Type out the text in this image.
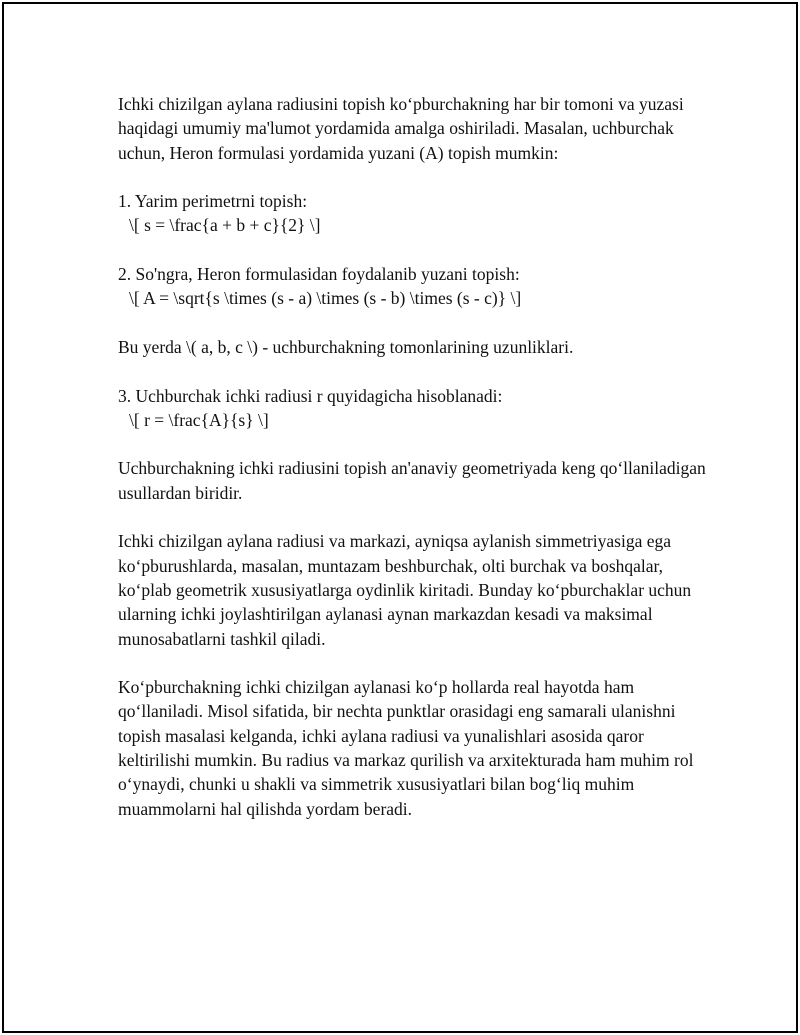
Ichki chizilgan aylana radiusini topish ko‘pburchakning har bir tomoni va yuzasi haqidagi umumiy ma'lumot yordamida amalga oshiriladi. Masalan, uchburchak uchun, Heron formulasi yordamida yuzani (A) topish mumkin:

1. Yarim perimetrni topish:

\[ s = \frac{a + b + c}{2} \]

2. So'ngra, Heron formulasidan foydalanib yuzani topish:

\[ A = \sqrt{s \times (s - a) \times (s - b) \times (s - c)} \]

Bu yerda \( a, b, c \) - uchburchakning tomonlarining uzunliklari.

3. Uchburchak ichki radiusi r quyidagicha hisoblanadi:

\[ r = \frac{A}{s} \]

Uchburchakning ichki radiusini topish an'anaviy geometriyada keng qo‘llaniladigan usullardan biridir.

Ichki chizilgan aylana radiusi va markazi, ayniqsa aylanish simmetriyasiga ega ko‘pburushlarda, masalan, muntazam beshburchak, olti burchak va boshqalar, ko‘plab geometrik xususiyatlarga oydinlik kiritadi. Bunday ko‘pburchaklar uchun ularning ichki joylashtirilgan aylanasi aynan markazdan kesadi va maksimal munosabatlarni tashkil qiladi.

Ko‘pburchakning ichki chizilgan aylanasi ko‘p hollarda real hayotda ham qo‘llaniladi. Misol sifatida, bir nechta punktlar orasidagi eng samarali ulanishni topish masalasi kelganda, ichki aylana radiusi va yunalishlari asosida qaror keltirilishi mumkin. Bu radius va markaz qurilish va arxitekturada ham muhim rol o‘ynaydi, chunki u shakli va simmetrik xususiyatlari bilan bog‘liq muhim muammolarni hal qilishda yordam beradi.
